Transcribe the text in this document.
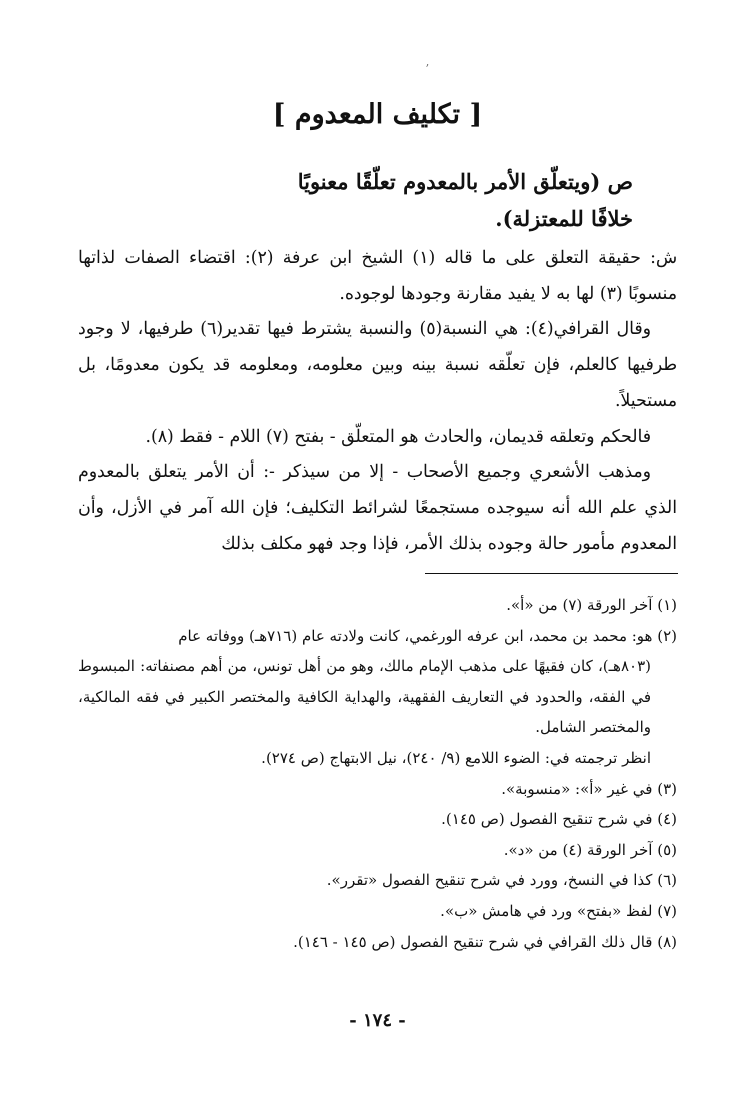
ʼ
[ تكليف المعدوم ]

ص (ويتعلّق الأمر بالمعدوم تعلّقًا معنويًا

خلافًا للمعتزلة).

ش: حقيقة التعلق على ما قاله (١) الشيخ ابن عرفة (٢): اقتضاء الصفات لذاتها منسوبًا (٣) لها به لا يفيد مقارنة وجودها لوجوده.

وقال القرافي(٤): هي النسبة(٥) والنسبة يشترط فيها تقدير(٦) طرفيها، لا وجود طرفيها كالعلم، فإن تعلّقه نسبة بينه وبين معلومه، ومعلومه قد يكون معدومًا، بل مستحيلاً.

فالحكم وتعلقه قديمان، والحادث هو المتعلّق - بفتح (٧) اللام - فقط (٨).

ومذهب الأشعري وجميع الأصحاب - إلا من سيذكر -: أن الأمر يتعلق بالمعدوم الذي علم الله أنه سيوجده مستجمعًا لشرائط التكليف؛ فإن الله آمر في الأزل، وأن المعدوم مأمور حالة وجوده بذلك الأمر، فإذا وجد فهو مكلف بذلك

(١) آخر الورقة (٧) من «أ».

(٢) هو: محمد بن محمد، ابن عرفه الورغمي، كانت ولادته عام (٧١٦هـ) ووفاته عام

(٨٠٣هـ)، كان فقيهًا على مذهب الإمام مالك، وهو من أهل تونس، من أهم مصنفاته: المبسوط في الفقه، والحدود في التعاريف الفقهية، والهداية الكافية والمختصر الكبير في فقه المالكية، والمختصر الشامل.

انظر ترجمته في: الضوء اللامع (٩/ ٢٤٠)، نيل الابتهاج (ص ٢٧٤).

(٣) في غير «أ»: «منسوبة».

(٤) في شرح تنقيح الفصول (ص ١٤٥).

(٥) آخر الورقة (٤) من «د».

(٦) كذا في النسخ، وورد في شرح تنقيح الفصول «تقرر».

(٧) لفظ «بفتح» ورد في هامش «ب».

(٨) قال ذلك القرافي في شرح تنقيح الفصول (ص ١٤٥ - ١٤٦).

- ١٧٤ -
